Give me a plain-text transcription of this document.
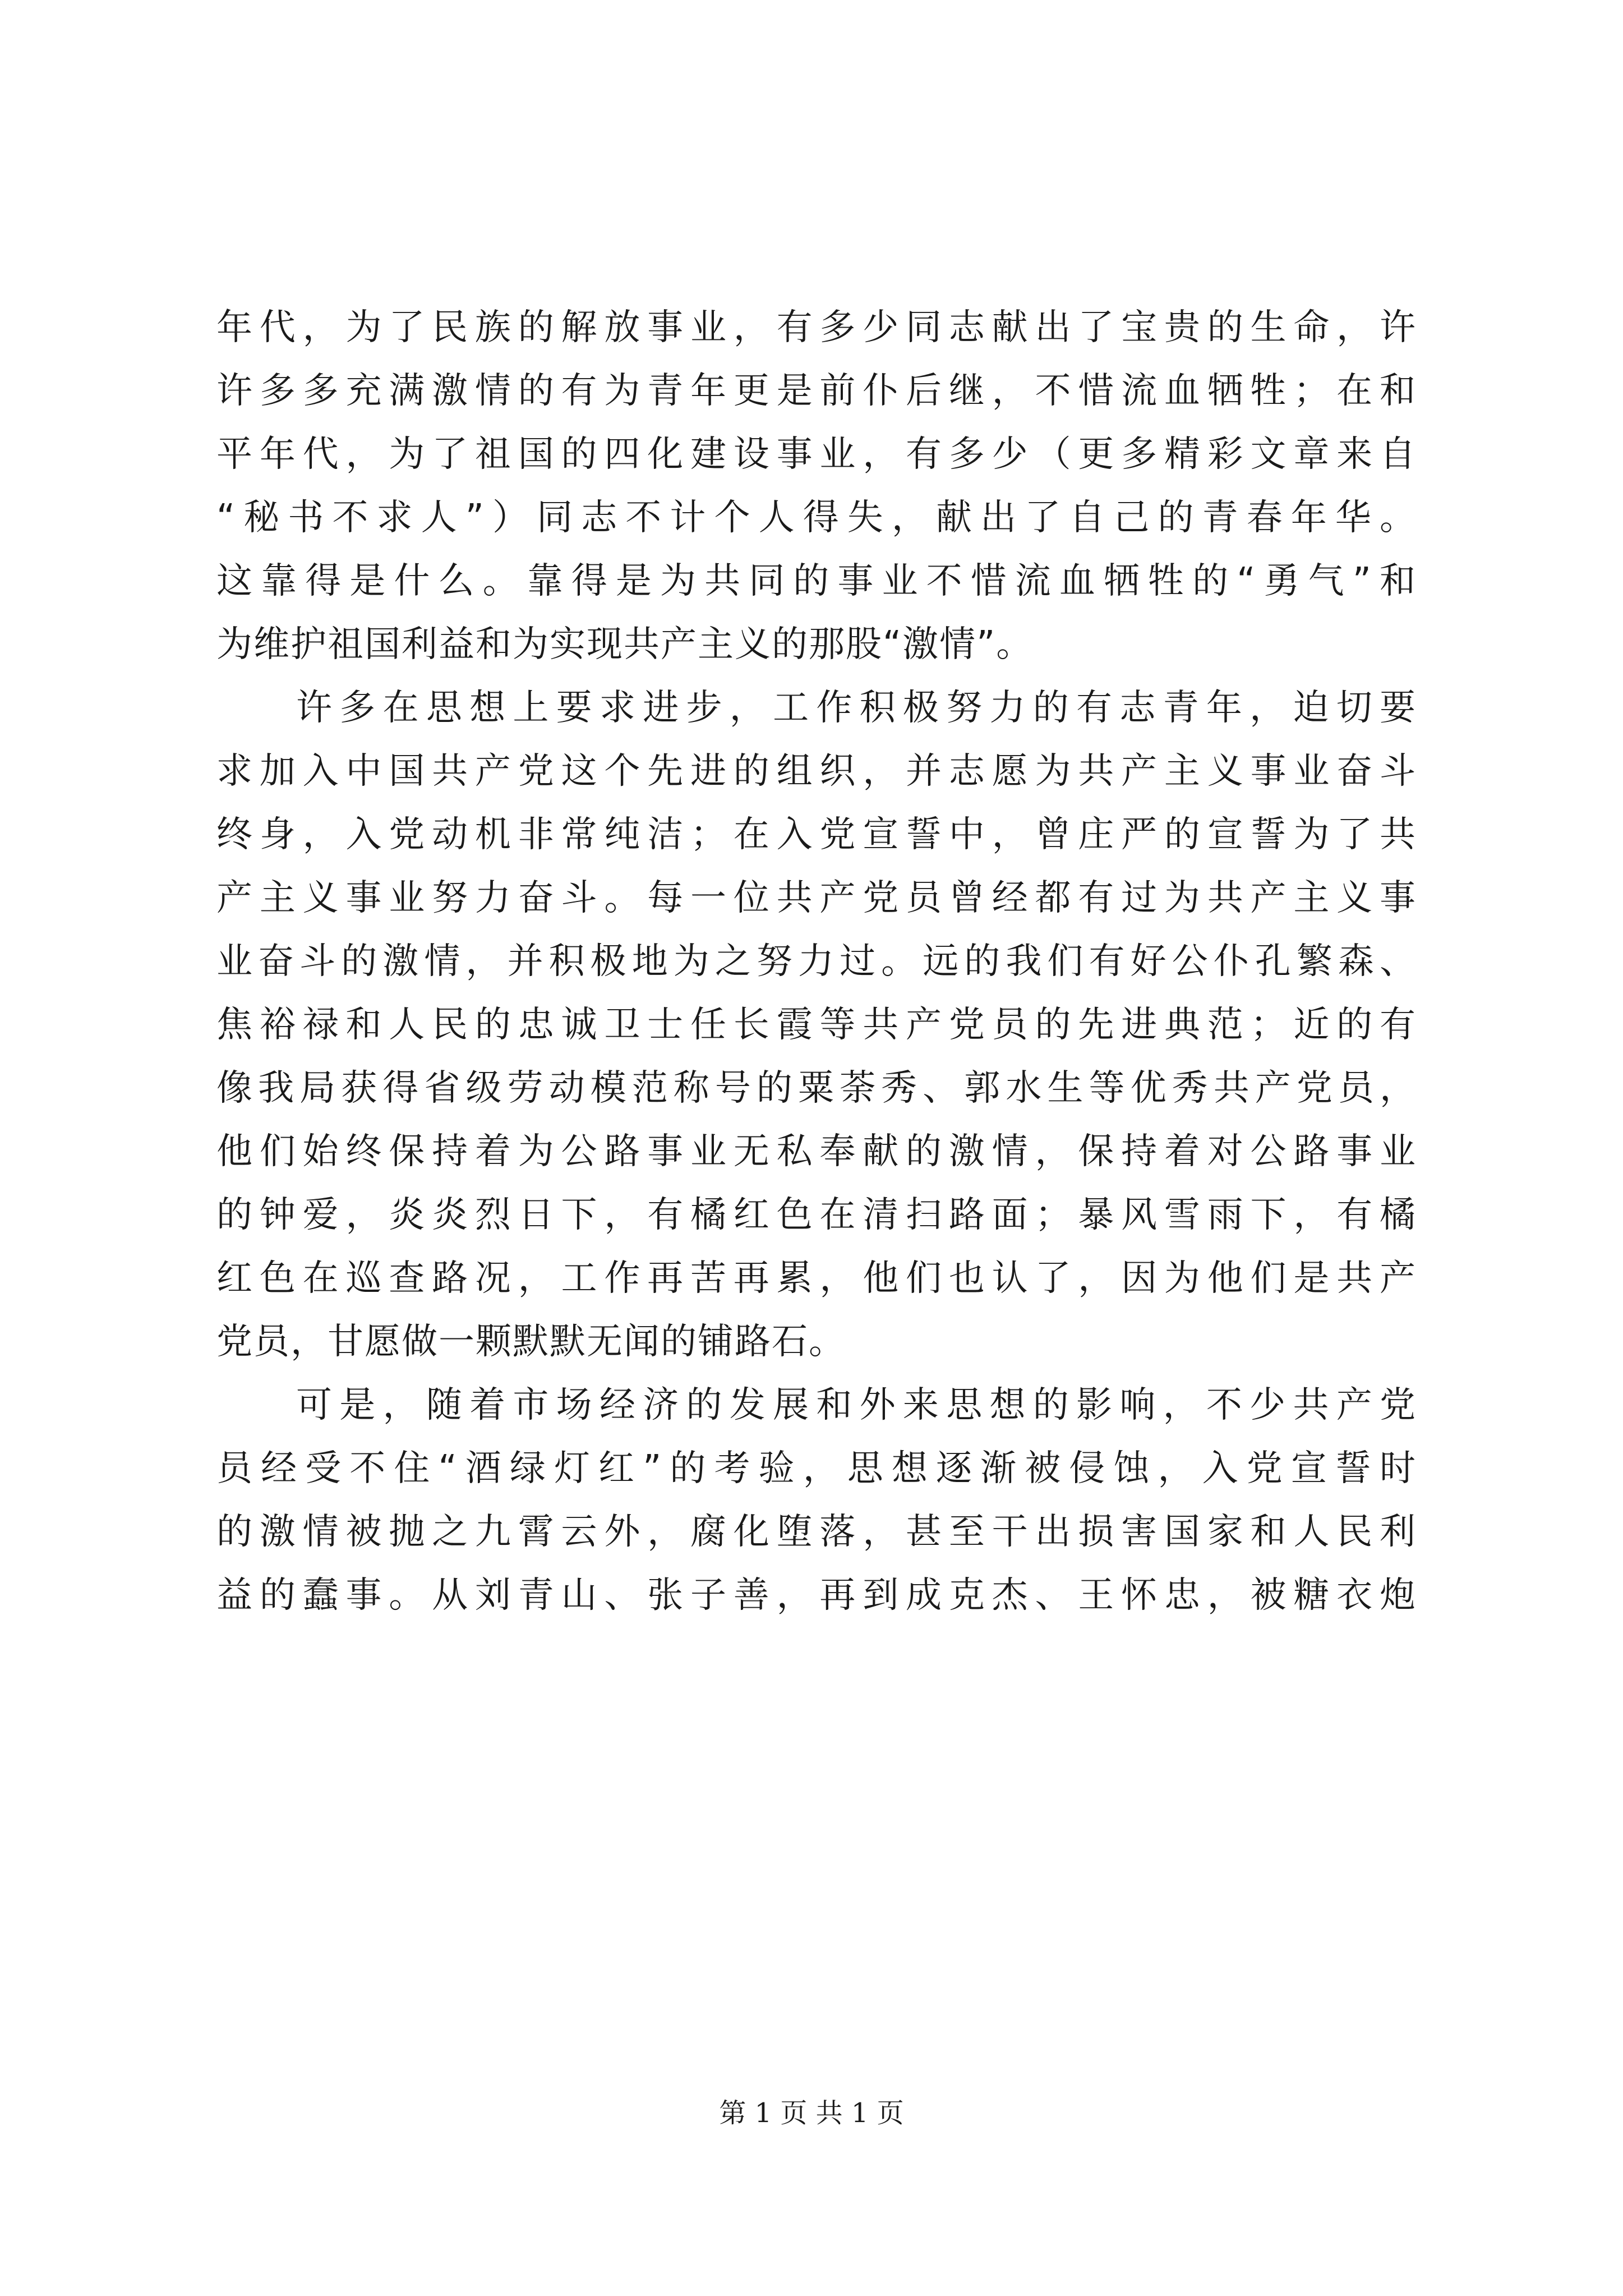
年代，为了民族的解放事业，有多少同志献出了宝贵的生命，许
许多多充满激情的有为青年更是前仆后继，不惜流血牺牲；在和
平年代，为了祖国的四化建设事业，有多少（更多精彩文章来自
“秘书不求人”）同志不计个人得失，献出了自己的青春年华。
这靠得是什么。靠得是为共同的事业不惜流血牺牲的“勇气”和
为维护祖国利益和为实现共产主义的那股“激情”。
许多在思想上要求进步，工作积极努力的有志青年，迫切要
求加入中国共产党这个先进的组织，并志愿为共产主义事业奋斗
终身，入党动机非常纯洁；在入党宣誓中，曾庄严的宣誓为了共
产主义事业努力奋斗。每一位共产党员曾经都有过为共产主义事
业奋斗的激情，并积极地为之努力过。远的我们有好公仆孔繁森、
焦裕禄和人民的忠诚卫士任长霞等共产党员的先进典范；近的有
像我局获得省级劳动模范称号的粟荼秀、郭水生等优秀共产党员，
他们始终保持着为公路事业无私奉献的激情，保持着对公路事业
的钟爱，炎炎烈日下，有橘红色在清扫路面；暴风雪雨下，有橘
红色在巡查路况，工作再苦再累，他们也认了，因为他们是共产
党员，甘愿做一颗默默无闻的铺路石。
可是，随着市场经济的发展和外来思想的影响，不少共产党
员经受不住“酒绿灯红”的考验，思想逐渐被侵蚀，入党宣誓时
的激情被抛之九霄云外，腐化堕落，甚至干出损害国家和人民利
益的蠢事。从刘青山、张子善，再到成克杰、王怀忠，被糖衣炮
第 1 页 共 1 页
